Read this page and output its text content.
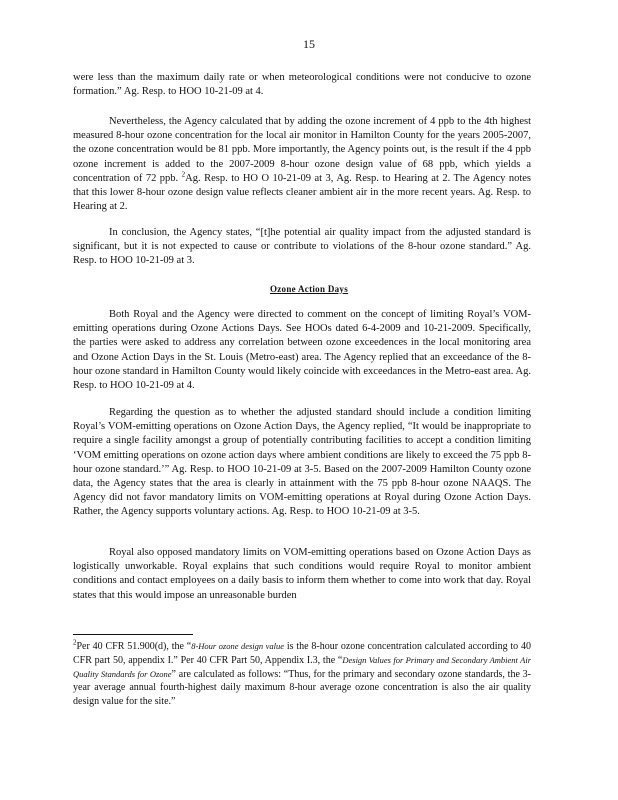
15

were less than the maximum daily rate or when meteorological conditions were not conducive to ozone formation.” Ag. Resp. to HOO 10-21-09 at 4.

Nevertheless, the Agency calculated that by adding the ozone increment of 4 ppb to the 4th highest measured 8-hour ozone concentration for the local air monitor in Hamilton County for the years 2005-2007, the ozone concentration would be 81 ppb. More importantly, the Agency points out, is the result if the 4 ppb ozone increment is added to the 2007-2009 8-hour ozone design value of 68 ppb, which yields a concentration of 72 ppb. $^2$Ag. Resp. to HO O 10-21-09 at 3, Ag. Resp. to Hearing at 2. The Agency notes that this lower 8-hour ozone design value reflects cleaner ambient air in the more recent years. Ag. Resp. to Hearing at 2.

In conclusion, the Agency states, “[t]he potential air quality impact from the adjusted standard is significant, but it is not expected to cause or contribute to violations of the 8-hour ozone standard.” Ag. Resp. to HOO 10-21-09 at 3.

Ozone Action Days

Both Royal and the Agency were directed to comment on the concept of limiting Royal’s VOM-emitting operations during Ozone Actions Days. See HOOs dated 6-4-2009 and 10-21-2009. Specifically, the parties were asked to address any correlation between ozone exceedences in the local monitoring area and Ozone Action Days in the St. Louis (Metro-east) area. The Agency replied that an exceedance of the 8-hour ozone standard in Hamilton County would likely coincide with exceedances in the Metro-east area. Ag. Resp. to HOO 10-21-09 at 4.

Regarding the question as to whether the adjusted standard should include a condition limiting Royal’s VOM-emitting operations on Ozone Action Days, the Agency replied, “It would be inappropriate to require a single facility amongst a group of potentially contributing facilities to accept a condition limiting ‘VOM emitting operations on ozone action days where ambient conditions are likely to exceed the 75 ppb 8-hour ozone standard.’” Ag. Resp. to HOO 10-21-09 at 3-5. Based on the 2007-2009 Hamilton County ozone data, the Agency states that the area is clearly in attainment with the 75 ppb 8-hour ozone NAAQS. The Agency did not favor mandatory limits on VOM-emitting operations at Royal during Ozone Action Days. Rather, the Agency supports voluntary actions. Ag. Resp. to HOO 10-21-09 at 3-5.

Royal also opposed mandatory limits on VOM-emitting operations based on Ozone Action Days as logistically unworkable. Royal explains that such conditions would require Royal to monitor ambient conditions and contact employees on a daily basis to inform them whether to come into work that day. Royal states that this would impose an unreasonable burden

$^2$Per 40 CFR 51.900(d), the “8-Hour ozone design value is the 8-hour ozone concentration calculated according to 40 CFR part 50, appendix I.” Per 40 CFR Part 50, Appendix I.3, the “Design Values for Primary and Secondary Ambient Air Quality Standards for Ozone” are calculated as follows: “Thus, for the primary and secondary ozone standards, the 3-year average annual fourth-highest daily maximum 8-hour average ozone concentration is also the air quality design value for the site.”
